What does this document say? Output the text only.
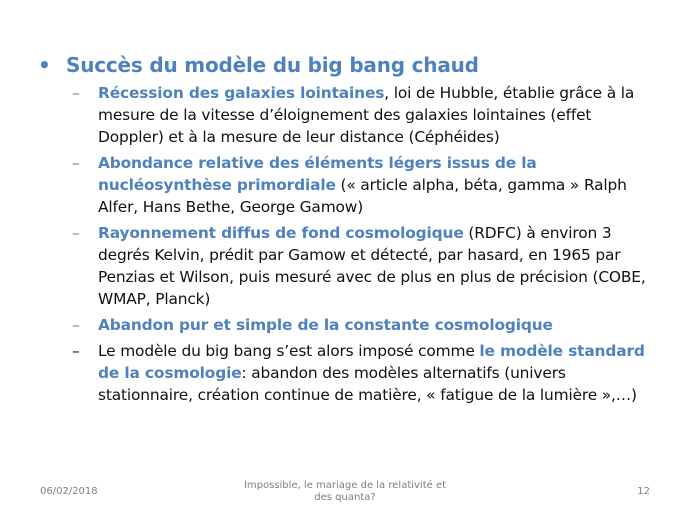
• Succès du modèle du big bang chaud
–	Récession des galaxies lointaines, loi de Hubble, établie grâce à la mesure de la vitesse d’éloignement des galaxies lointaines (effet Doppler) et à la mesure de leur distance (Céphéides)
–	Abondance relative des éléments légers issus de la nucléosynthèse primordiale (« article alpha, béta, gamma » Ralph Alfer, Hans Bethe, George Gamow)
–	Rayonnement diffus de fond cosmologique (RDFC) à environ 3 degrés Kelvin, prédit par Gamow et détecté, par hasard, en 1965 par Penzias et Wilson, puis mesuré avec de plus en plus de précision (COBE, WMAP, Planck)
–	Abandon pur et simple de la constante cosmologique
–	Le modèle du big bang s’est alors imposé comme le modèle standard de la cosmologie: abandon des modèles alternatifs (univers stationnaire, création continue de matière, « fatigue de la lumière »,…)
06/02/2018
Impossible, le mariage de la relativité et des quanta?
12
